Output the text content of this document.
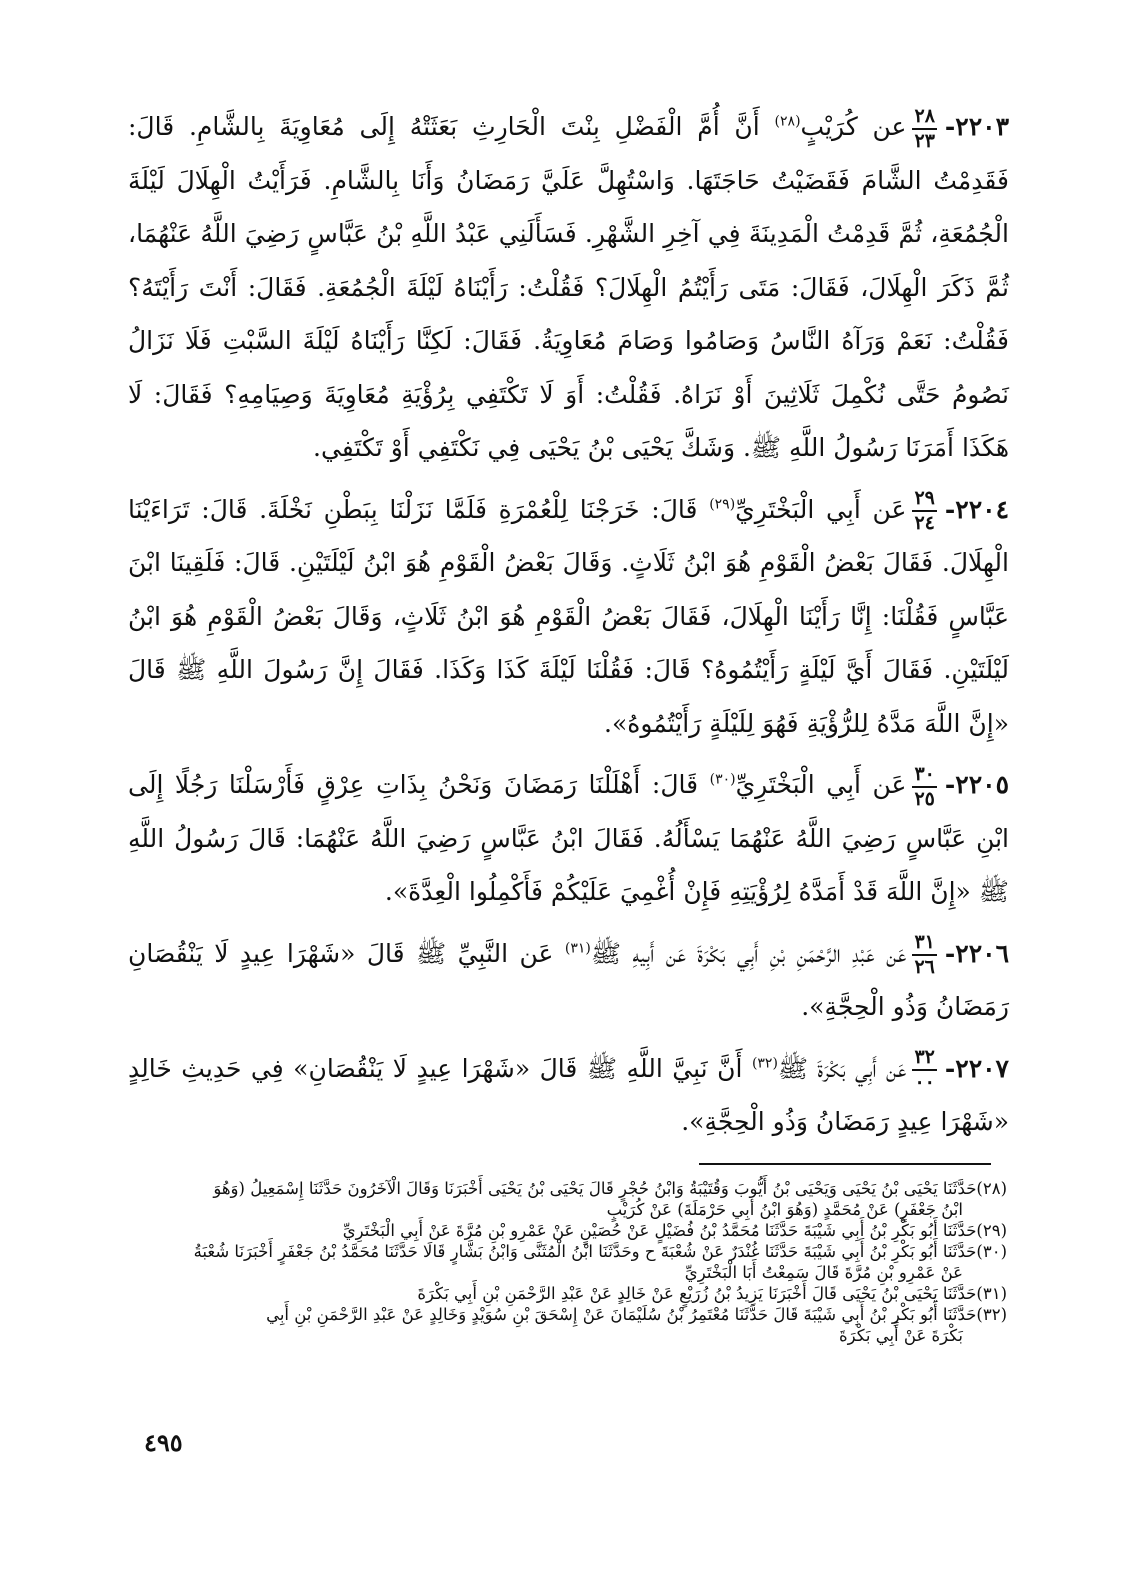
٢٢٠٣-
$\frac{٢٨}{٢٣}$
عن كُرَيْبٍ$^{(٢٨)}$ أَنَّ أُمَّ الْفَضْلِ بِنْتَ الْحَارِثِ بَعَثَتْهُ إِلَى مُعَاوِيَةَ بِالشَّامِ. قَالَ: فَقَدِمْتُ الشَّامَ فَقَضَيْتُ حَاجَتَهَا. وَاسْتُهِلَّ عَلَيَّ رَمَضَانُ وَأَنَا بِالشَّامِ. فَرَأَيْتُ الْهِلَالَ لَيْلَةَ الْجُمُعَةِ، ثُمَّ قَدِمْتُ الْمَدِينَةَ فِي آخِرِ الشَّهْرِ. فَسَأَلَنِي عَبْدُ اللَّهِ بْنُ عَبَّاسٍ رَضِيَ اللَّهُ عَنْهُمَا، ثُمَّ ذَكَرَ الْهِلَالَ، فَقَالَ: مَتَى رَأَيْتُمُ الْهِلَالَ؟ فَقُلْتُ: رَأَيْنَاهُ لَيْلَةَ الْجُمُعَةِ. فَقَالَ: أَنْتَ رَأَيْتَهُ؟ فَقُلْتُ: نَعَمْ وَرَآهُ النَّاسُ وَصَامُوا وَصَامَ مُعَاوِيَةُ. فَقَالَ: لَكِنَّا رَأَيْنَاهُ لَيْلَةَ السَّبْتِ فَلَا نَزَالُ نَصُومُ حَتَّى نُكْمِلَ ثَلَاثِينَ أَوْ نَرَاهُ. فَقُلْتُ: أَوَ لَا تَكْتَفِي بِرُؤْيَةِ مُعَاوِيَةَ وَصِيَامِهِ؟ فَقَالَ: لَا هَكَذَا أَمَرَنَا رَسُولُ اللَّهِ ﷺ. وَشَكَّ يَحْيَى بْنُ يَحْيَى فِي نَكْتَفِي أَوْ تَكْتَفِي.

٢٢٠٤-
$\frac{٢٩}{٢٤}$
عَن أَبِي الْبَخْتَرِيِّ$^{(٢٩)}$ قَالَ: خَرَجْنَا لِلْعُمْرَةِ فَلَمَّا نَزَلْنَا بِبَطْنِ نَخْلَةَ. قَالَ: تَرَاءَيْنَا الْهِلَالَ. فَقَالَ بَعْضُ الْقَوْمِ هُوَ ابْنُ ثَلَاثٍ. وَقَالَ بَعْضُ الْقَوْمِ هُوَ ابْنُ لَيْلَتَيْنِ. قَالَ: فَلَقِينَا ابْنَ عَبَّاسٍ فَقُلْنَا: إِنَّا رَأَيْنَا الْهِلَالَ، فَقَالَ بَعْضُ الْقَوْمِ هُوَ ابْنُ ثَلَاثٍ، وَقَالَ بَعْضُ الْقَوْمِ هُوَ ابْنُ لَيْلَتَيْنِ. فَقَالَ أَيَّ لَيْلَةٍ رَأَيْتُمُوهُ؟ قَالَ: فَقُلْنَا لَيْلَةَ كَذَا وَكَذَا. فَقَالَ إِنَّ رَسُولَ اللَّهِ ﷺ قَالَ «إِنَّ اللَّهَ مَدَّهُ لِلرُّؤْيَةِ فَهُوَ لِلَيْلَةٍ رَأَيْتُمُوهُ».

٢٢٠٥-
$\frac{٣٠}{٢٥}$
عَن أَبِي الْبَخْتَرِيِّ$^{(٣٠)}$ قَالَ: أَهْلَلْنَا رَمَضَانَ وَنَحْنُ بِذَاتِ عِرْقٍ فَأَرْسَلْنَا رَجُلًا إِلَى ابْنِ عَبَّاسٍ رَضِيَ اللَّهُ عَنْهُمَا يَسْأَلُهُ. فَقَالَ ابْنُ عَبَّاسٍ رَضِيَ اللَّهُ عَنْهُمَا: قَالَ رَسُولُ اللَّهِ ﷺ «إِنَّ اللَّهَ قَدْ أَمَدَّهُ لِرُؤْيَتِهِ فَإِنْ أُغْمِيَ عَلَيْكُمْ فَأَكْمِلُوا الْعِدَّةَ».

٢٢٠٦-
$\frac{٣١}{٢٦}$
عَن عَبْدِ الرَّحْمَنِ بْنِ أَبِي بَكْرَةَ عَن أَبِيهِ ﷺ$^{(٣١)}$ عَن النَّبِيِّ ﷺ قَالَ «شَهْرَا عِيدٍ لَا يَنْقُصَانِ رَمَضَانُ وَذُو الْحِجَّةِ».

٢٢٠٧-
$\frac{٣٢}{٠٠}$
عَن أَبِي بَكْرَةَ ﷺ$^{(٣٢)}$ أَنَّ نَبِيَّ اللَّهِ ﷺ قَالَ «شَهْرَا عِيدٍ لَا يَنْقُصَانِ» فِي حَدِيثِ خَالِدٍ «شَهْرَا عِيدٍ رَمَضَانُ وَذُو الْحِجَّةِ».

(٢٨)حَدَّثَنَا يَحْيَى بْنُ يَحْيَى وَيَحْيَى بْنُ أَيُّوبَ وَقُتَيْبَةُ وَابْنُ حُجْرٍ قَالَ يَحْيَى بْنُ يَحْيَى أَخْبَرَنَا وَقَالَ الْآخَرُونَ حَدَّثَنَا إِسْمَعِيلُ (وَهُوَ
ابْنُ جَعْفَرٍ) عَنْ مُحَمَّدٍ (وَهُوَ ابْنُ أَبِي حَرْمَلَةَ) عَنْ كُرَيْبٍ

(٢٩)حَدَّثَنَا أَبُو بَكْرِ بْنُ أَبِي شَيْبَةَ حَدَّثَنَا مُحَمَّدُ بْنُ فُضَيْلٍ عَنْ حُصَيْنٍ عَنْ عَمْرِو بْنِ مُرَّةَ عَنْ أَبِي الْبَخْتَرِيِّ

(٣٠)حَدَّثَنَا أَبُو بَكْرِ بْنُ أَبِي شَيْبَةَ حَدَّثَنَا غُنْدَرٌ عَنْ شُعْبَةَ ح وحَدَّثَنَا ابْنُ الْمُثَنَّى وَابْنُ بَشَّارٍ قَالَا حَدَّثَنَا مُحَمَّدُ بْنُ جَعْفَرٍ أَخْبَرَنَا شُعْبَةُ
عَنْ عَمْرِو بْنِ مُرَّةَ قَالَ سَمِعْتُ أَبَا الْبَخْتَرِيِّ

(٣١)حَدَّثَنَا يَحْيَى بْنُ يَحْيَى قَالَ أَخْبَرَنَا يَزِيدُ بْنُ زُرَيْعٍ عَنْ خَالِدٍ عَنْ عَبْدِ الرَّحْمَنِ بْنِ أَبِي بَكْرَةَ

(٣٢)حَدَّثَنَا أَبُو بَكْرِ بْنُ أَبِي شَيْبَةَ قَالَ حَدَّثَنَا مُعْتَمِرُ بْنُ سُلَيْمَانَ عَنْ إِسْحَقَ بْنِ سُوَيْدٍ وَخَالِدٍ عَنْ عَبْدِ الرَّحْمَنِ بْنِ أَبِي
بَكْرَةَ عَنْ أَبِي بَكْرَةَ

٤٩٥
